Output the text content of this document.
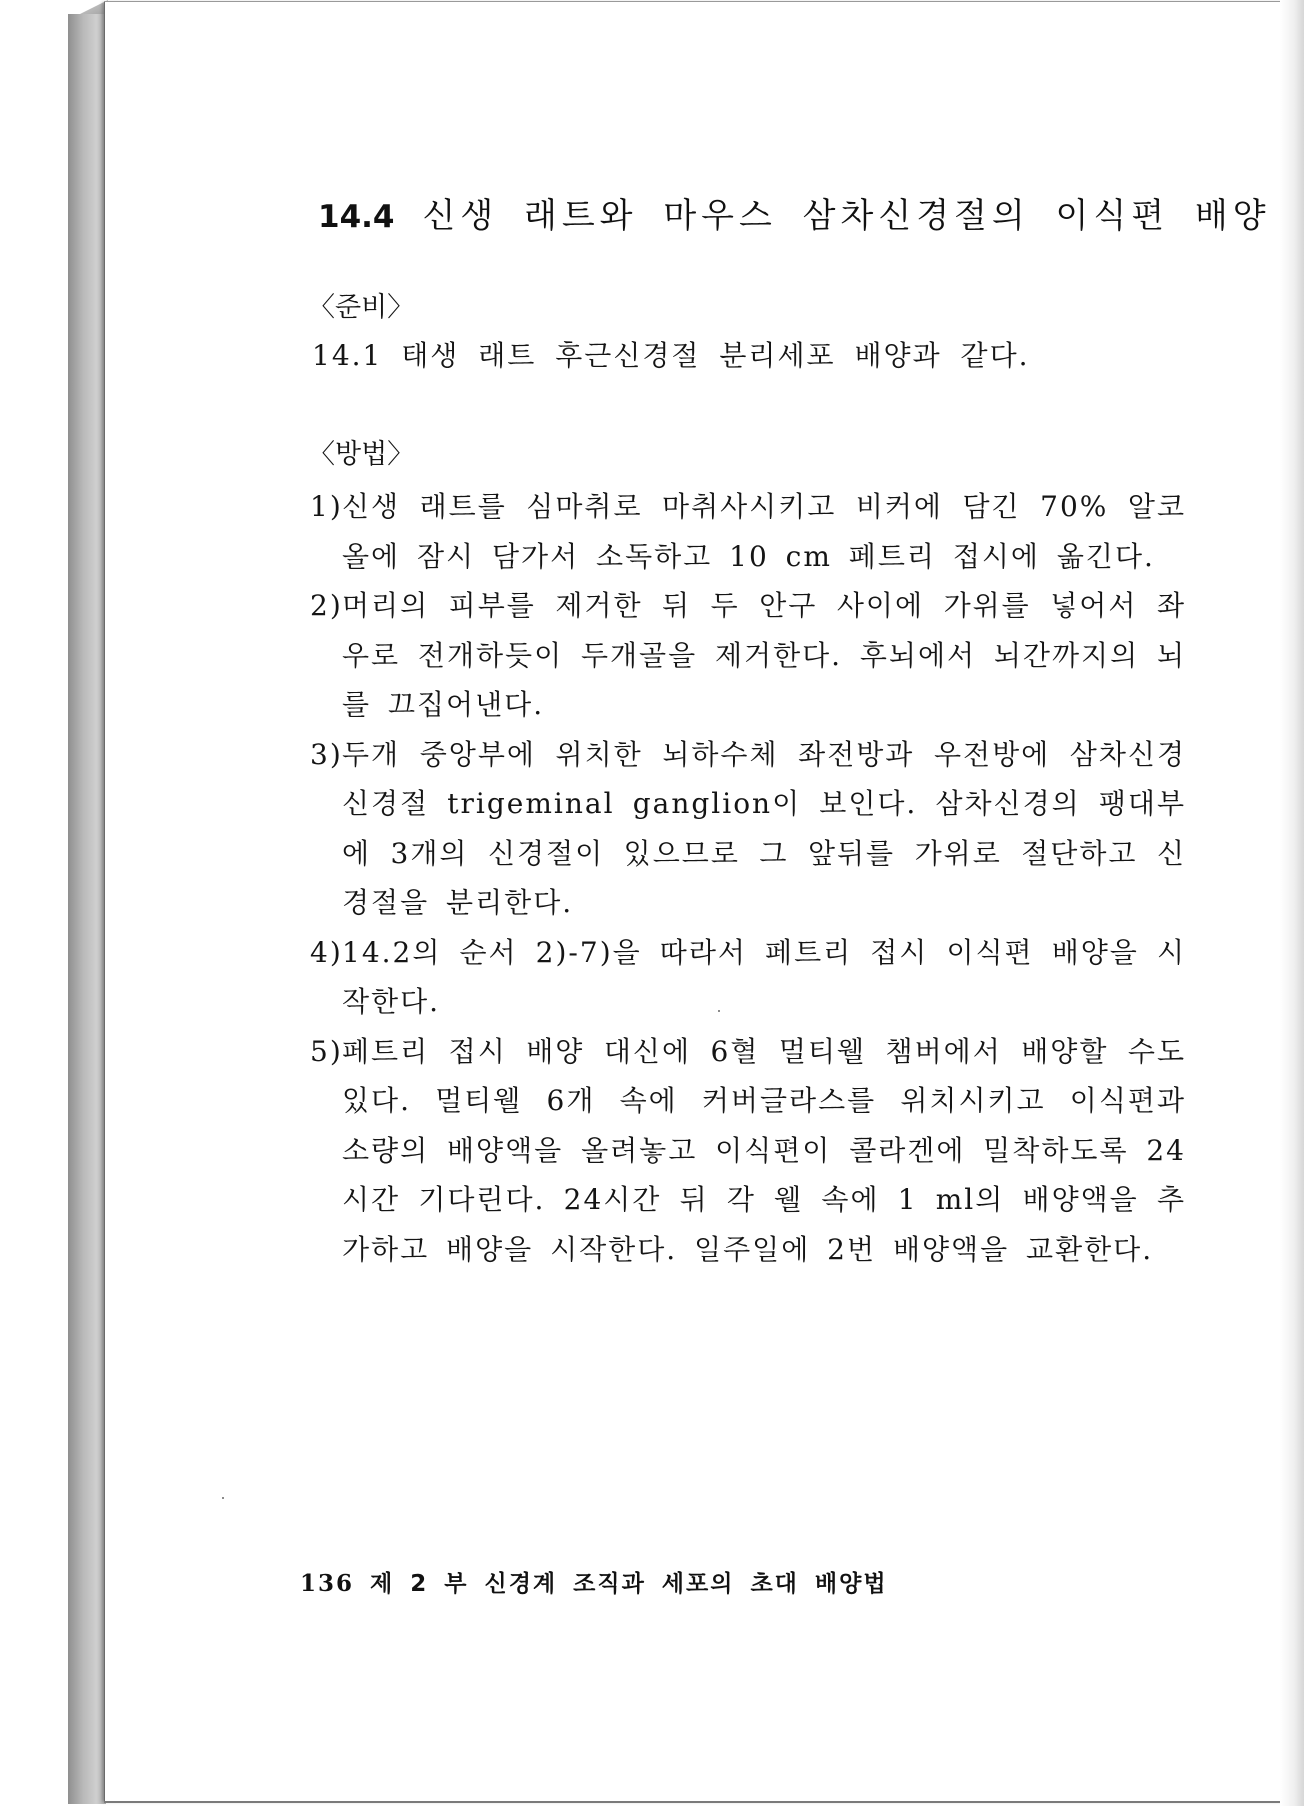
14.4 신생 래트와 마우스 삼차신경절의 이식편 배양
〈준비〉
14.1 태생 래트 후근신경절 분리세포 배양과 같다.
〈방법〉
1) 신생 래트를 심마취로 마취사시키고 비커에 담긴 70% 알코올에 잠시 담가서 소독하고 10 cm 페트리 접시에 옮긴다.
2) 머리의 피부를 제거한 뒤 두 안구 사이에 가위를 넣어서 좌우로 전개하듯이 두개골을 제거한다. 후뇌에서 뇌간까지의 뇌를 끄집어낸다.
3) 두개 중앙부에 위치한 뇌하수체 좌전방과 우전방에 삼차신경 신경절 trigeminal ganglion이 보인다. 삼차신경의 팽대부에 3개의 신경절이 있으므로 그 앞뒤를 가위로 절단하고 신경절을 분리한다.
4) 14.2의 순서 2)-7)을 따라서 페트리 접시 이식편 배양을 시작한다.
5) 페트리 접시 배양 대신에 6혈 멀티웰 챔버에서 배양할 수도 있다. 멀티웰 6개 속에 커버글라스를 위치시키고 이식편과 소량의 배양액을 올려놓고 이식편이 콜라겐에 밀착하도록 24시간 기다린다. 24시간 뒤 각 웰 속에 1 ml의 배양액을 추가하고 배양을 시작한다. 일주일에 2번 배양액을 교환한다.
136 제 2 부 신경계 조직과 세포의 초대 배양법
